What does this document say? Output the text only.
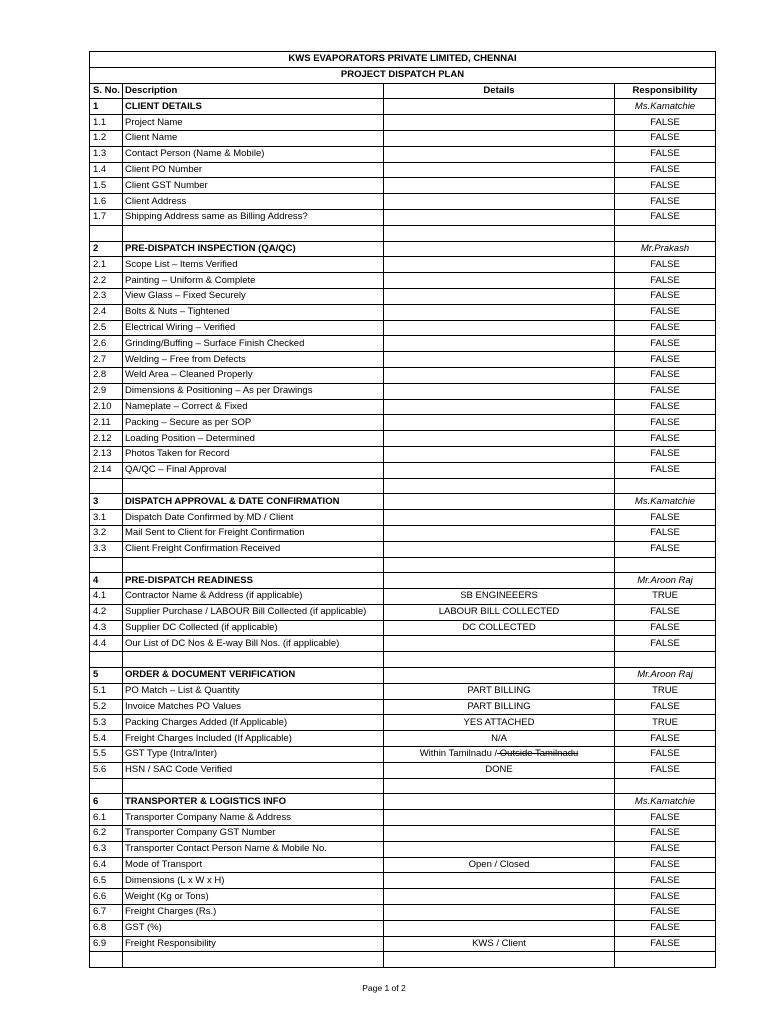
KWS EVAPORATORS PRIVATE LIMITED, CHENNAI			
PROJECT DISPATCH PLAN			
S. No.	Description	Details	Responsibility
1	CLIENT DETAILS		Ms.Kamatchie
1.1	Project Name		FALSE
1.2	Client Name		FALSE
1.3	Contact Person (Name & Mobile)		FALSE
1.4	Client PO Number		FALSE
1.5	Client GST Number		FALSE
1.6	Client Address		FALSE
1.7	Shipping Address same as Billing Address?		FALSE

2	PRE-DISPATCH INSPECTION (QA/QC)		Mr.Prakash
2.1	Scope List – Items Verified		FALSE
2.2	Painting – Uniform & Complete		FALSE
2.3	View Glass – Fixed Securely		FALSE
2.4	Bolts & Nuts – Tightened		FALSE
2.5	Electrical Wiring – Verified		FALSE
2.6	Grinding/Buffing – Surface Finish Checked		FALSE
2.7	Welding – Free from Defects		FALSE
2.8	Weld Area – Cleaned Properly		FALSE
2.9	Dimensions & Positioning – As per Drawings		FALSE
2.10	Nameplate – Correct & Fixed		FALSE
2.11	Packing – Secure as per SOP		FALSE
2.12	Loading Position – Determined		FALSE
2.13	Photos Taken for Record		FALSE
2.14	QA/QC – Final Approval		FALSE

3	DISPATCH APPROVAL & DATE CONFIRMATION		Ms.Kamatchie
3.1	Dispatch Date Confirmed by MD / Client		FALSE
3.2	Mail Sent to Client for Freight Confirmation		FALSE
3.3	Client Freight Confirmation Received		FALSE

4	PRE-DISPATCH READINESS		Mr.Aroon Raj
4.1	Contractor Name & Address (if applicable)	SB ENGINEEERS	TRUE
4.2	Supplier Purchase / LABOUR Bill Collected (if applicable)	LABOUR BILL COLLECTED	FALSE
4.3	Supplier DC Collected (if applicable)	DC COLLECTED	FALSE
4.4	Our List of DC Nos & E-way Bill Nos. (if applicable)		FALSE

5	ORDER & DOCUMENT VERIFICATION		Mr.Aroon Raj
5.1	PO Match – List & Quantity	PART BILLING	TRUE
5.2	Invoice Matches PO Values	PART BILLING	FALSE
5.3	Packing Charges Added (If Applicable)	YES ATTACHED	TRUE
5.4	Freight Charges Included (If Applicable)	N/A	FALSE
5.5	GST Type (Intra/Inter)	Within Tamilnadu / Outside Tamilnadu	FALSE
5.6	HSN / SAC Code Verified	DONE	FALSE

6	TRANSPORTER & LOGISTICS INFO		Ms.Kamatchie
6.1	Transporter Company Name & Address		FALSE
6.2	Transporter Company GST Number		FALSE
6.3	Transporter Contact Person Name & Mobile No.		FALSE
6.4	Mode of Transport	Open / Closed	FALSE
6.5	Dimensions (L x W x H)		FALSE
6.6	Weight (Kg or Tons)		FALSE
6.7	Freight Charges (Rs.)		FALSE
6.8	GST (%)		FALSE
6.9	Freight Responsibility	KWS / Client	FALSE

Page 1 of 2
